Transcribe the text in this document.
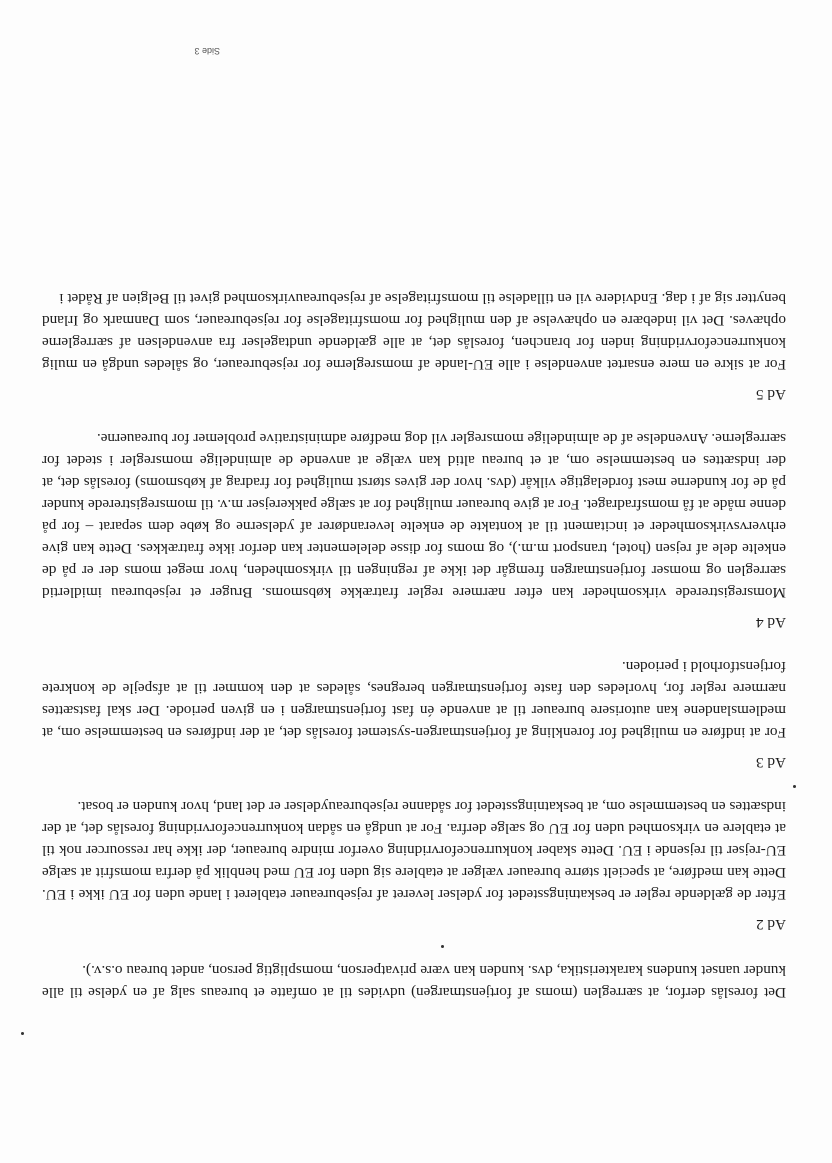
Det foreslås derfor, at særreglen (moms af fortjenstmargen) udvides til at omfatte et bureaus salg af en ydelse til alle kunder uanset kundens karakteristika, dvs. kunden kan være privatperson, momspligtig person, andet bureau o.s.v.).

Ad 2

Efter de gældende regler er beskatningsstedet for ydelser leveret af rejsebureauer etableret i lande uden for EU ikke i EU. Dette kan medføre, at specielt større bureauer vælger at etablere sig uden for EU med henblik på derfra momsfrit at sælge EU-rejser til rejsende i EU. Dette skaber konkurrenceforvridning overfor mindre bureauer, der ikke har ressourcer nok til at etablere en virksomhed uden for EU og sælge derfra. For at undgå en sådan konkurrenceforvridning foreslås det, at der indsættes en bestemmelse om, at beskatningsstedet for sådanne rejsebureauydelser er det land, hvor kunden er bosat.

Ad 3

For at indføre en mulighed for forenkling af fortjenstmargen-systemet foreslås det, at der indføres en bestemmelse om, at medlemslandene kan autorisere bureauer til at anvende én fast fortjenstmargen i en given periode. Der skal fastsættes nærmere regler for, hvorledes den faste fortjenstmargen beregnes, således at den kommer til at afspejle de konkrete fortjenstforhold i perioden.

Ad 4

Momsregistrerede virksomheder kan efter nærmere regler fratrække købsmoms. Bruger et rejsebureau imidlertid særreglen og momser fortjenstmargen fremgår det ikke af regningen til virksomheden, hvor meget moms der er på de enkelte dele af rejsen (hotel, transport m.m.), og moms for disse delelementer kan derfor ikke fratrækkes. Dette kan give erhvervsvirksomheder et incitament til at kontakte de enkelte leverandører af ydelserne og købe dem separat – for på denne måde at få momsfradraget. For at give bureauer mulighed for at sælge pakkerejser m.v. til momsregistrerede kunder på de for kunderne mest fordelagtige vilkår (dvs. hvor der gives størst mulighed for fradrag af købsmoms) foreslås det, at der indsættes en bestemmelse om, at et bureau altid kan vælge at anvende de almindelige momsregler i stedet for særreglerne. Anvendelse af de almindelige momsregler vil dog medføre administrative problemer for bureauerne.

Ad 5

For at sikre en mere ensartet anvendelse i alle EU-lande af momsreglerne for rejsebureauer, og således undgå en mulig konkurrenceforvridning inden for branchen, foreslås det, at alle gældende undtagelser fra anvendelsen af særreglerne ophæves. Det vil indebære en ophævelse af den mulighed for momsfritagelse for rejsebureauer, som Danmark og Irland benytter sig af i dag. Endvidere vil en tilladelse til momsfritagelse af rejsebureauvirksomhed givet til Belgien af Rådet i

Side 3
